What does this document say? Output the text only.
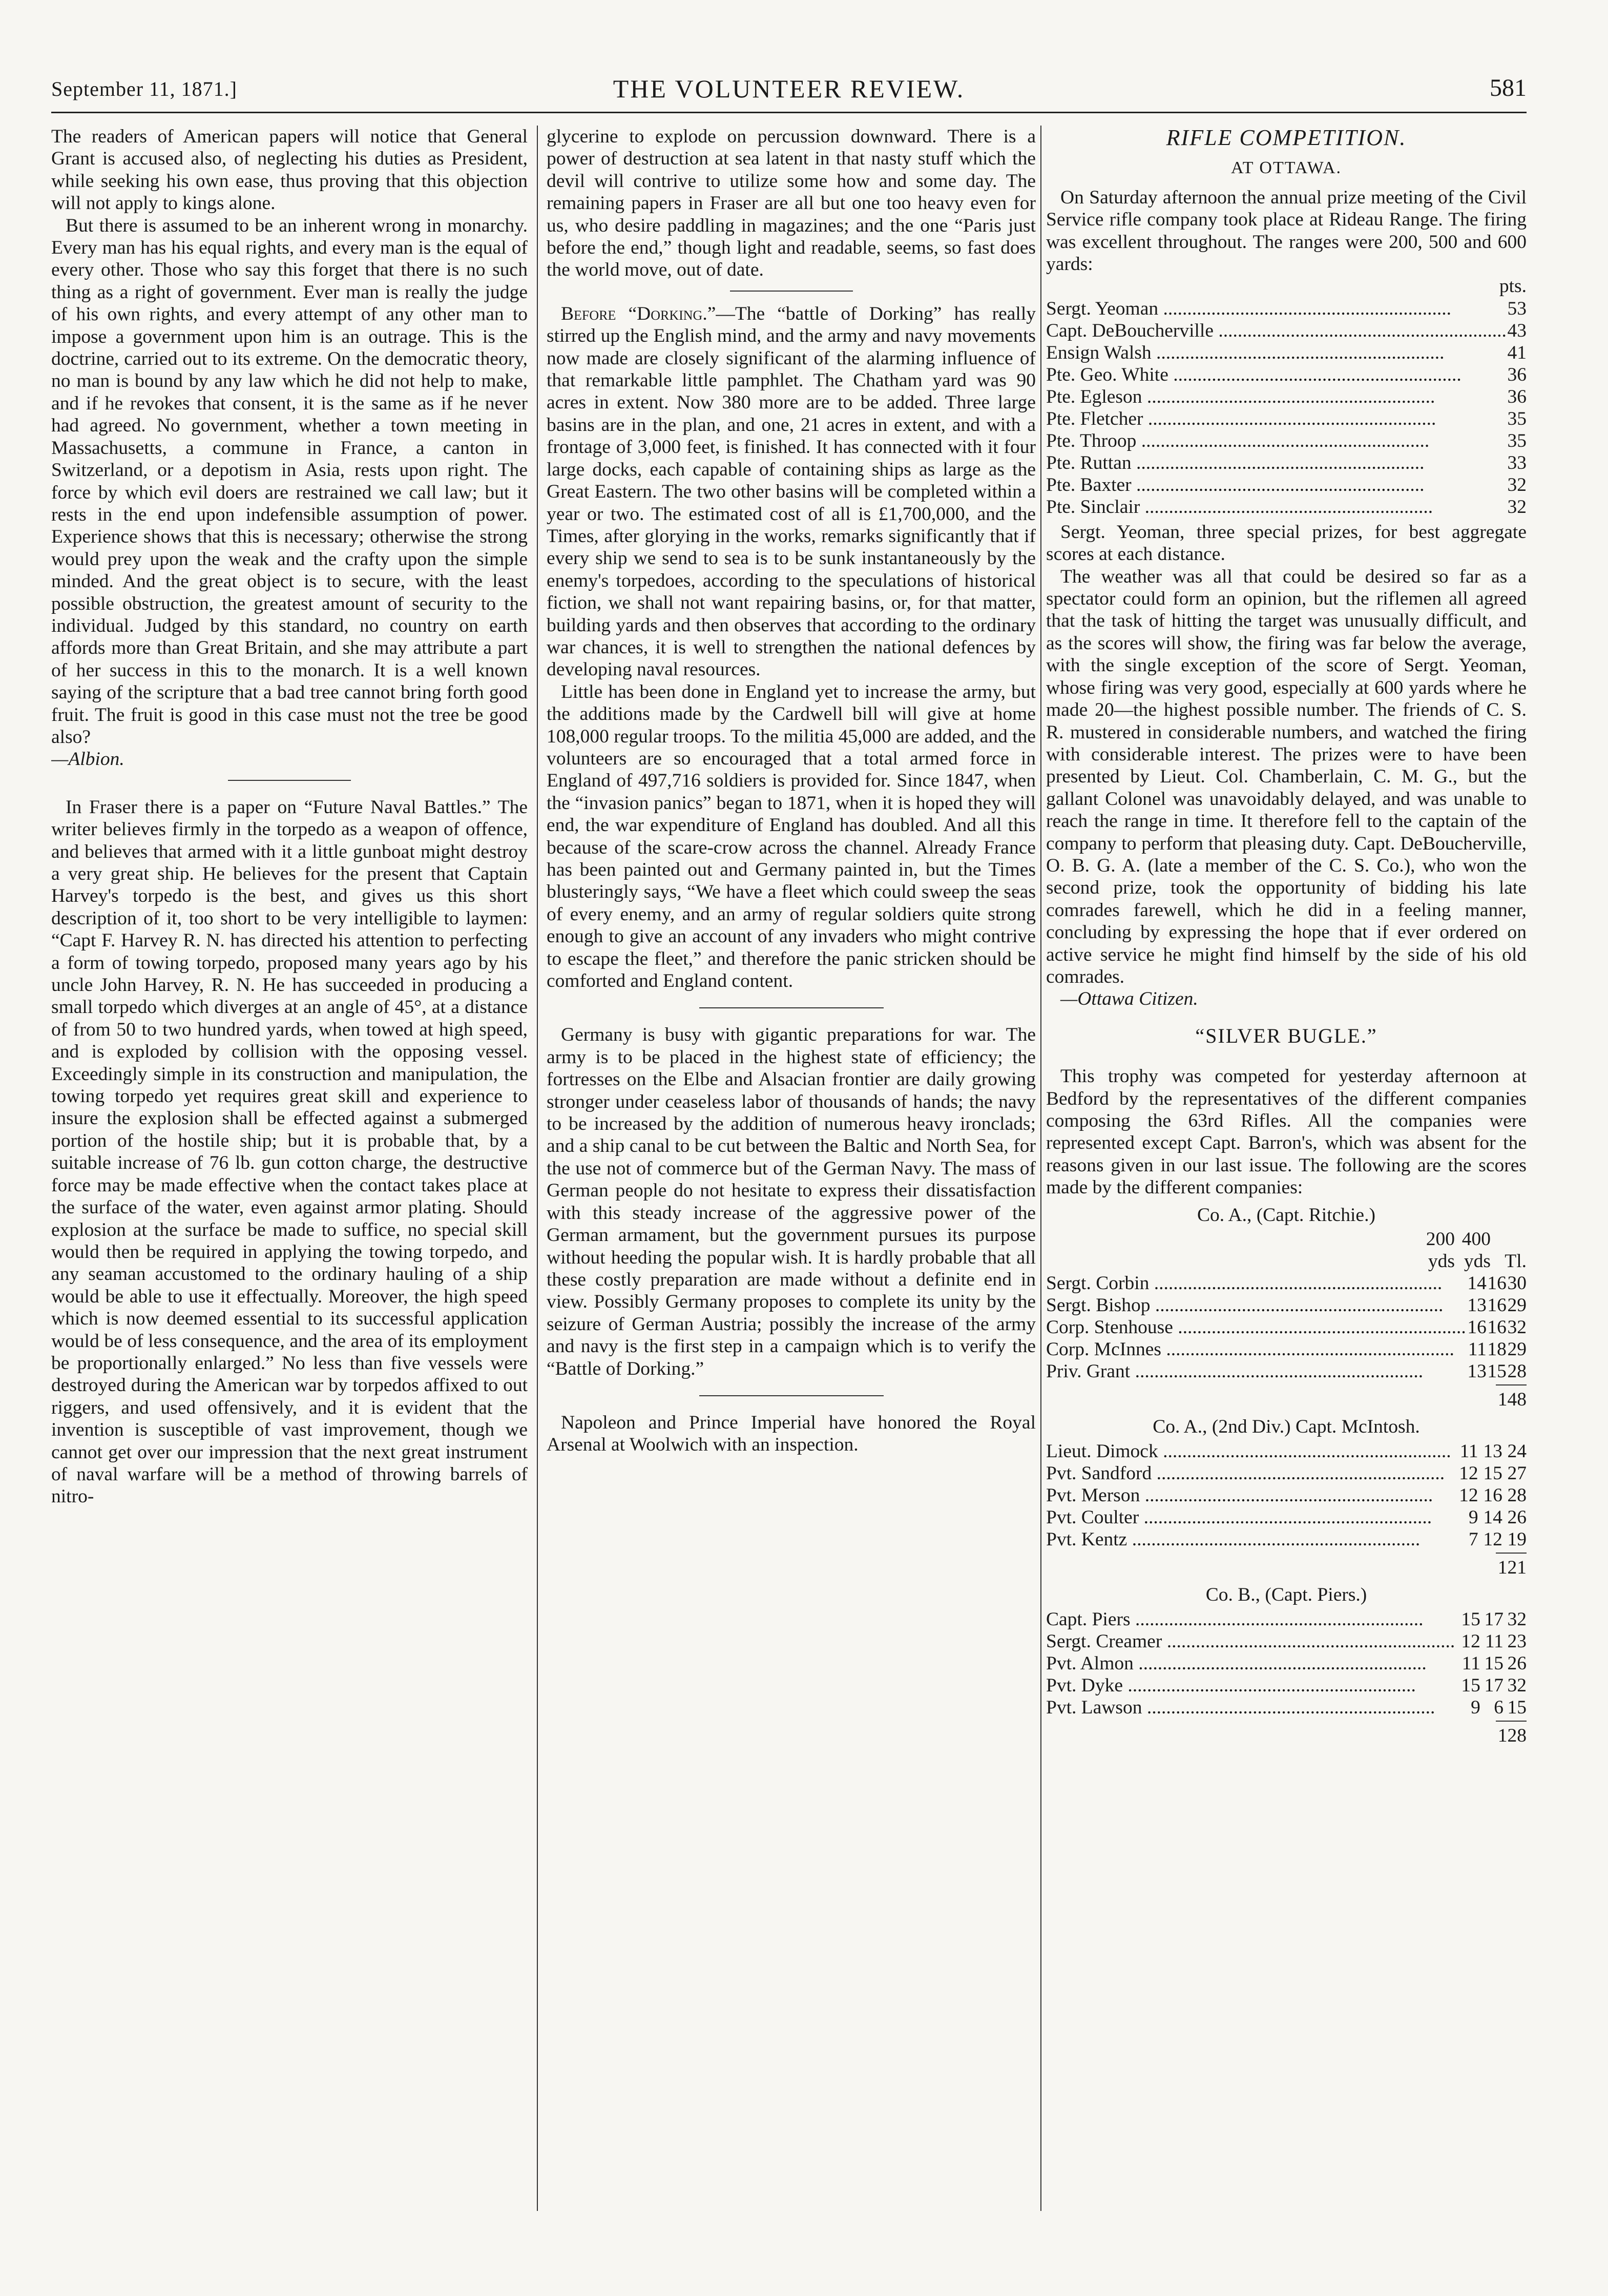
September 11, 1871.]	THE VOLUNTEER REVIEW.	581

The readers of American papers will notice that General Grant is accused also, of neglecting his duties as President, while seeking his own ease, thus proving that this objection will not apply to kings alone.

But there is assumed to be an inherent wrong in monarchy. Every man has his equal rights, and every man is the equal of every other. Those who say this forget that there is no such thing as a right of government. Ever man is really the judge of his own rights, and every attempt of any other man to impose a government upon him is an outrage. This is the doctrine, carried out to its extreme. On the democratic theory, no man is bound by any law which he did not help to make, and if he revokes that consent, it is the same as if he never had agreed. No government, whether a town meeting in Massachusetts, a commune in France, a canton in Switzerland, or a depotism in Asia, rests upon right. The force by which evil doers are restrained we call law; but it rests in the end upon indefensible assumption of power. Experience shows that this is necessary; otherwise the strong would prey upon the weak and the crafty upon the simple minded. And the great object is to secure, with the least possible obstruction, the greatest amount of security to the individual. Judged by this standard, no country on earth affords more than Great Britain, and she may attribute a part of her success in this to the monarch. It is a well known saying of the scripture that a bad tree cannot bring forth good fruit. The fruit is good in this case must not the tree be good also?

—Albion.

In Fraser there is a paper on “Future Naval Battles.” The writer believes firmly in the torpedo as a weapon of offence, and believes that armed with it a little gunboat might destroy a very great ship. He believes for the present that Captain Harvey's torpedo is the best, and gives us this short description of it, too short to be very intelligible to laymen: “Capt F. Harvey R. N. has directed his attention to perfecting a form of towing torpedo, proposed many years ago by his uncle John Harvey, R. N. He has succeeded in producing a small torpedo which diverges at an angle of 45°, at a distance of from 50 to two hundred yards, when towed at high speed, and is exploded by collision with the opposing vessel. Exceedingly simple in its construction and manipulation, the towing torpedo yet requires great skill and experience to insure the explosion shall be effected against a submerged portion of the hostile ship; but it is probable that, by a suitable increase of 76 lb. gun cotton charge, the destructive force may be made effective when the contact takes place at the surface of the water, even against armor plating. Should explosion at the surface be made to suffice, no special skill would then be required in applying the towing torpedo, and any seaman accustomed to the ordinary hauling of a ship would be able to use it effectually. Moreover, the high speed which is now deemed essential to its successful application would be of less consequence, and the area of its employment be proportionally enlarged.” No less than five vessels were destroyed during the American war by torpedos affixed to out riggers, and used offensively, and it is evident that the invention is susceptible of vast improvement, though we cannot get over our impression that the next great instrument of naval warfare will be a method of throwing barrels of nitro-

glycerine to explode on percussion downward. There is a power of destruction at sea latent in that nasty stuff which the devil will contrive to utilize some how and some day. The remaining papers in Fraser are all but one too heavy even for us, who desire paddling in magazines; and the one “Paris just before the end,” though light and readable, seems, so fast does the world move, out of date.

Before “Dorking.”—The “battle of Dorking” has really stirred up the English mind, and the army and navy movements now made are closely significant of the alarming influence of that remarkable little pamphlet. The Chatham yard was 90 acres in extent. Now 380 more are to be added. Three large basins are in the plan, and one, 21 acres in extent, and with a frontage of 3,000 feet, is finished. It has connected with it four large docks, each capable of containing ships as large as the Great Eastern. The two other basins will be completed within a year or two. The estimated cost of all is £1,700,000, and the Times, after glorying in the works, remarks significantly that if every ship we send to sea is to be sunk instantaneously by the enemy's torpedoes, according to the speculations of historical fiction, we shall not want repairing basins, or, for that matter, building yards and then observes that according to the ordinary war chances, it is well to strengthen the national defences by developing naval resources.

Little has been done in England yet to increase the army, but the additions made by the Cardwell bill will give at home 108,000 regular troops. To the militia 45,000 are added, and the volunteers are so encouraged that a total armed force in England of 497,716 soldiers is provided for. Since 1847, when the “invasion panics” began to 1871, when it is hoped they will end, the war expenditure of England has doubled. And all this because of the scare-crow across the channel. Already France has been painted out and Germany painted in, but the Times blusteringly says, “We have a fleet which could sweep the seas of every enemy, and an army of regular soldiers quite strong enough to give an account of any invaders who might contrive to escape the fleet,” and therefore the panic stricken should be comforted and England content.

Germany is busy with gigantic preparations for war. The army is to be placed in the highest state of efficiency; the fortresses on the Elbe and Alsacian frontier are daily growing stronger under ceaseless labor of thousands of hands; the navy to be increased by the addition of numerous heavy ironclads; and a ship canal to be cut between the Baltic and North Sea, for the use not of commerce but of the German Navy. The mass of German people do not hesitate to express their dissatisfaction with this steady increase of the aggressive power of the German armament, but the government pursues its purpose without heeding the popular wish. It is hardly probable that all these costly preparation are made without a definite end in view. Possibly Germany proposes to complete its unity by the seizure of German Austria; possibly the increase of the army and navy is the first step in a campaign which is to verify the “Battle of Dorking.”

Napoleon and Prince Imperial have honored the Royal Arsenal at Woolwich with an inspection.

RIFLE COMPETITION.
AT OTTAWA.

On Saturday afternoon the annual prize meeting of the Civil Service rifle company took place at Rideau Range. The firing was excellent throughout. The ranges were 200, 500 and 600 yards:

pts.
Sergt. Yeoman ............................................................	53
Capt. DeBoucherville ............................................................	43
Ensign Walsh ............................................................	41
Pte. Geo. White ............................................................	36
Pte. Egleson ............................................................	36
Pte. Fletcher ............................................................	35
Pte. Throop ............................................................	35
Pte. Ruttan ............................................................	33
Pte. Baxter ............................................................	32
Pte. Sinclair ............................................................	32

Sergt. Yeoman, three special prizes, for best aggregate scores at each distance.

The weather was all that could be desired so far as a spectator could form an opinion, but the riflemen all agreed that the task of hitting the target was unusually difficult, and as the scores will show, the firing was far below the average, with the single exception of the score of Sergt. Yeoman, whose firing was very good, especially at 600 yards where he made 20—the highest possible number. The friends of C. S. R. mustered in considerable numbers, and watched the firing with considerable interest. The prizes were to have been presented by Lieut. Col. Chamberlain, C. M. G., but the gallant Colonel was unavoidably delayed, and was unable to reach the range in time. It therefore fell to the captain of the company to perform that pleasing duty. Capt. DeBoucherville, O. B. G. A. (late a member of the C. S. Co.), who won the second prize, took the opportunity of bidding his late comrades farewell, which he did in a feeling manner, concluding by expressing the hope that if ever ordered on active service he might find himself by the side of his old comrades.

—Ottawa Citizen.

“SILVER BUGLE.”

This trophy was competed for yesterday afternoon at Bedford by the representatives of the different companies composing the 63rd Rifles. All the companies were represented except Capt. Barron's, which was absent for the reasons given in our last issue. The following are the scores made by the different companies:

Co. A., (Capt. Ritchie.)
	200	400	
	yds	yds	Tl.
Sergt. Corbin ............................................................	14	16	30
Sergt. Bishop ............................................................	13	16	29
Corp. Stenhouse ............................................................	16	16	32
Corp. McInnes ............................................................	11	18	29
Priv. Grant ............................................................	13	15	28
148
Co. A., (2nd Div.) Capt. McIntosh.
Lieut. Dimock ............................................................	11	13	24
Pvt. Sandford ............................................................	12	15	27
Pvt. Merson ............................................................	12	16	28
Pvt. Coulter ............................................................	9	14	26
Pvt. Kentz ............................................................	7	12	19
121
Co. B., (Capt. Piers.)
Capt. Piers ............................................................	15	17	32
Sergt. Creamer ............................................................	12	11	23
Pvt. Almon ............................................................	11	15	26
Pvt. Dyke ............................................................	15	17	32
Pvt. Lawson ............................................................	9	6	15
128
